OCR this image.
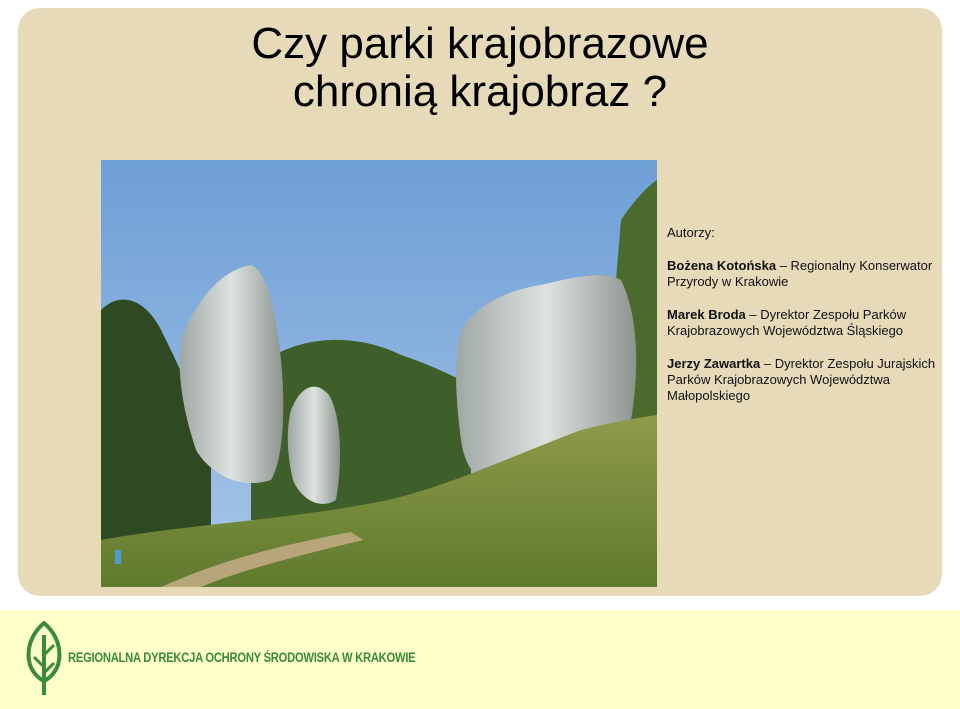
Czy parki krajobrazowe
chronią krajobraz ?

Autorzy:

Bożena Kotońska – Regionalny Konserwator Przyrody w Krakowie

Marek Broda – Dyrektor Zespołu Parków Krajobrazowych Województwa Śląskiego

Jerzy Zawartka – Dyrektor Zespołu Jurajskich Parków Krajobrazowych Województwa Małopolskiego

REGIONALNA DYREKCJA OCHRONY ŚRODOWISKA W KRAKOWIE
